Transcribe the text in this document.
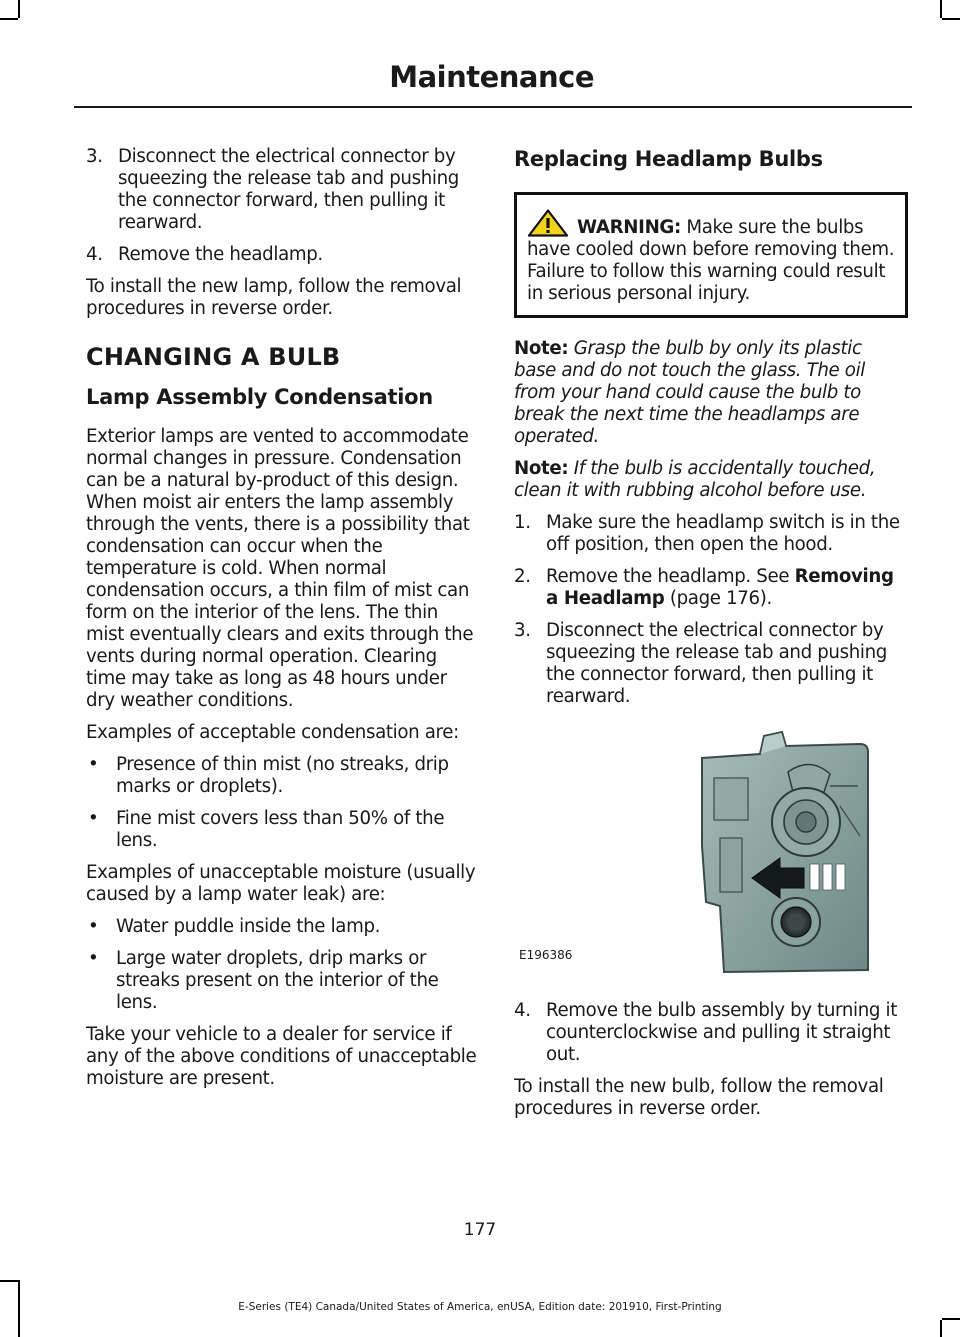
Maintenance
3. Disconnect the electrical connector by squeezing the release tab and pushing the connector forward, then pulling it rearward.
4. Remove the headlamp.

To install the new lamp, follow the removal procedures in reverse order.

CHANGING A BULB
Lamp Assembly Condensation

Exterior lamps are vented to accommodate normal changes in pressure. Condensation can be a natural by-product of this design. When moist air enters the lamp assembly through the vents, there is a possibility that condensation can occur when the temperature is cold. When normal condensation occurs, a thin film of mist can form on the interior of the lens. The thin mist eventually clears and exits through the vents during normal operation. Clearing time may take as long as 48 hours under dry weather conditions.

Examples of acceptable condensation are:

• Presence of thin mist (no streaks, drip marks or droplets).
• Fine mist covers less than 50% of the lens.

Examples of unacceptable moisture (usually caused by a lamp water leak) are:

• Water puddle inside the lamp.
• Large water droplets, drip marks or streaks present on the interior of the lens.

Take your vehicle to a dealer for service if any of the above conditions of unacceptable moisture are present.

Replacing Headlamp Bulbs
WARNING: Make sure the bulbs have cooled down before removing them. Failure to follow this warning could result in serious personal injury.

Note: Grasp the bulb by only its plastic base and do not touch the glass. The oil from your hand could cause the bulb to break the next time the headlamps are operated.

Note: If the bulb is accidentally touched, clean it with rubbing alcohol before use.

1. Make sure the headlamp switch is in the off position, then open the hood.
2. Remove the headlamp. See Removing a Headlamp (page 176).
3. Disconnect the electrical connector by squeezing the release tab and pushing the connector forward, then pulling it rearward.
E196386
4. Remove the bulb assembly by turning it counterclockwise and pulling it straight out.

To install the new bulb, follow the removal procedures in reverse order.

177
E-Series (TE4) Canada/United States of America, enUSA, Edition date: 201910, First-Printing
